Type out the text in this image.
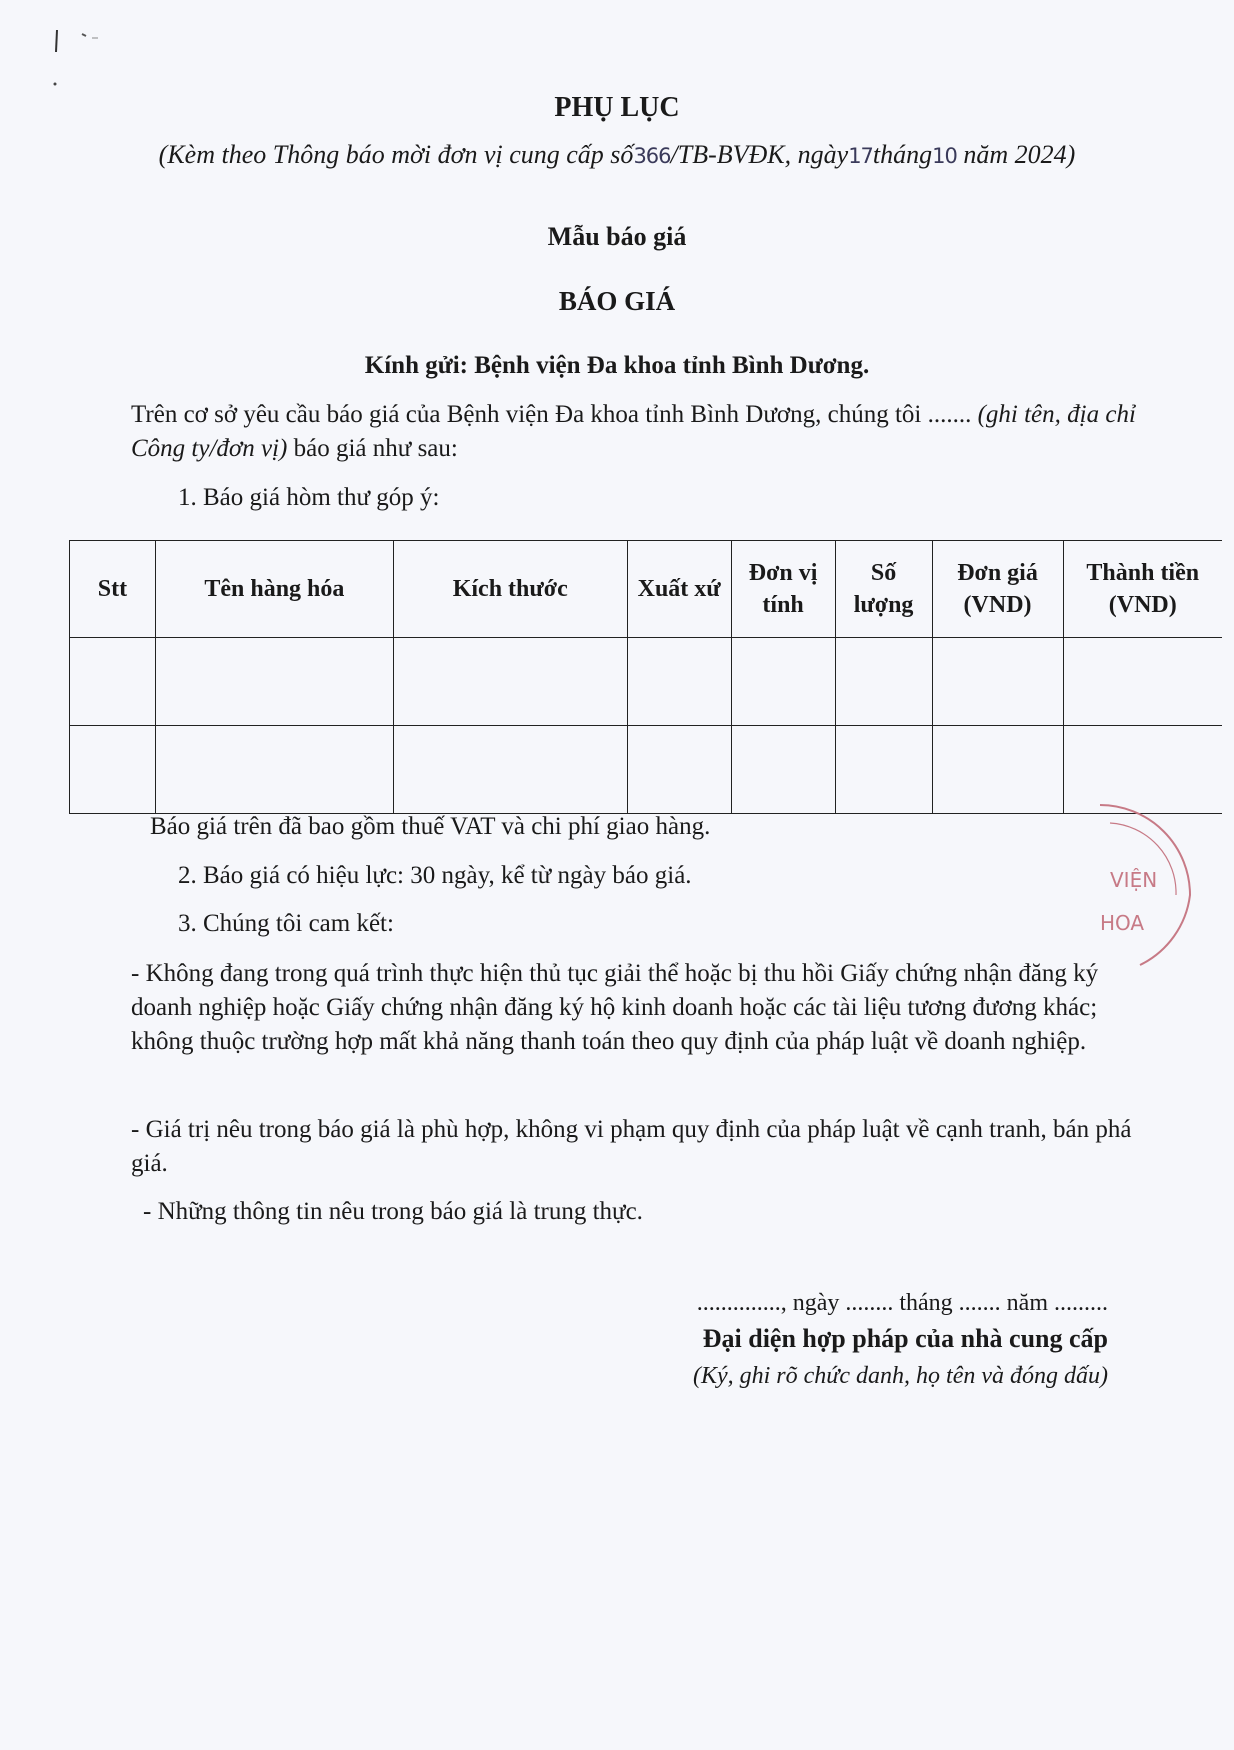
PHỤ LỤC
(Kèm theo Thông báo mời đơn vị cung cấp số366/TB-BVĐK, ngày17tháng10 năm 2024)
Mẫu báo giá
BÁO GIÁ
Kính gửi: Bệnh viện Đa khoa tỉnh Bình Dương.
Trên cơ sở yêu cầu báo giá của Bệnh viện Đa khoa tỉnh Bình Dương, chúng tôi ....... (ghi tên, địa chỉ Công ty/đơn vị) báo giá như sau:
1. Báo giá hòm thư góp ý:
Stt	Tên hàng hóa	Kích thước	Xuất xứ	Đơn vị tính	Số lượng	Đơn giá (VND)	Thành tiền (VND)

Báo giá trên đã bao gồm thuế VAT và chi phí giao hàng.
2. Báo giá có hiệu lực: 30 ngày, kể từ ngày báo giá.
3. Chúng tôi cam kết:
- Không đang trong quá trình thực hiện thủ tục giải thể hoặc bị thu hồi Giấy chứng nhận đăng ký doanh nghiệp hoặc Giấy chứng nhận đăng ký hộ kinh doanh hoặc các tài liệu tương đương khác; không thuộc trường hợp mất khả năng thanh toán theo quy định của pháp luật về doanh nghiệp.
- Giá trị nêu trong báo giá là phù hợp, không vi phạm quy định của pháp luật về cạnh tranh, bán phá giá.
- Những thông tin nêu trong báo giá là trung thực.
.............., ngày ........ tháng ....... năm .........
Đại diện hợp pháp của nhà cung cấp
(Ký, ghi rõ chức danh, họ tên và đóng dấu)
VIỆN
HOA
